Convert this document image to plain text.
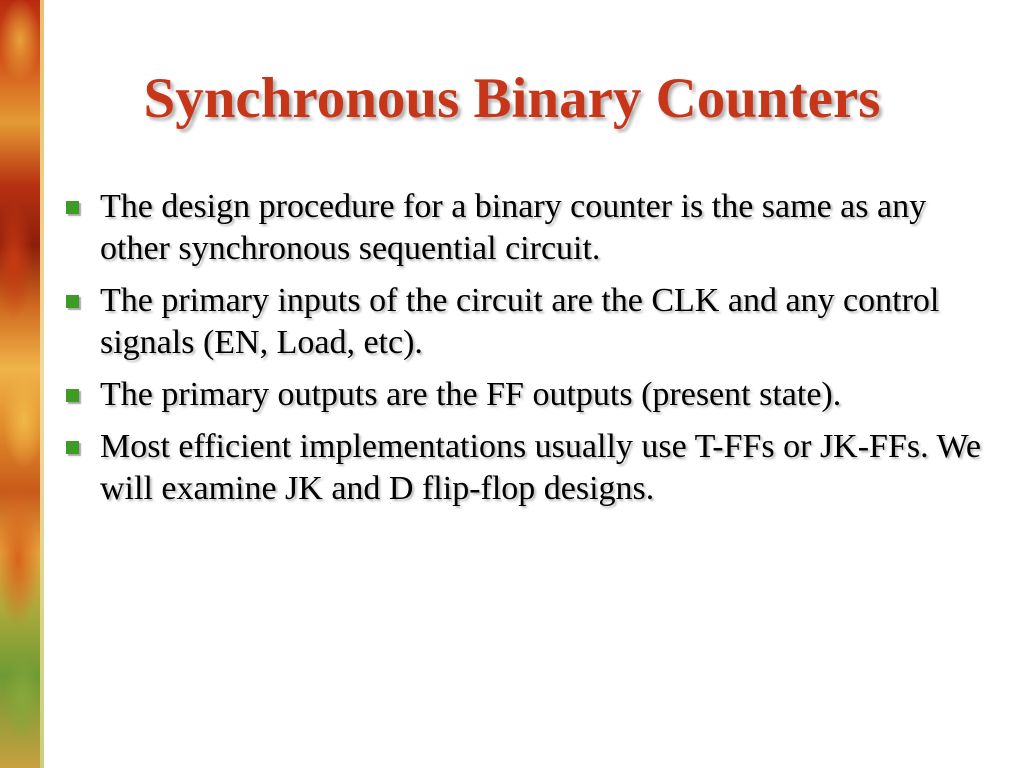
Synchronous Binary Counters
The design procedure for a binary counter is the same as any other synchronous sequential circuit.
The primary inputs of the circuit are the CLK and any control signals (EN, Load, etc).
The primary outputs are the FF outputs (present state).
Most efficient implementations usually use T-FFs or JK-FFs. We will examine JK and D flip-flop designs.
